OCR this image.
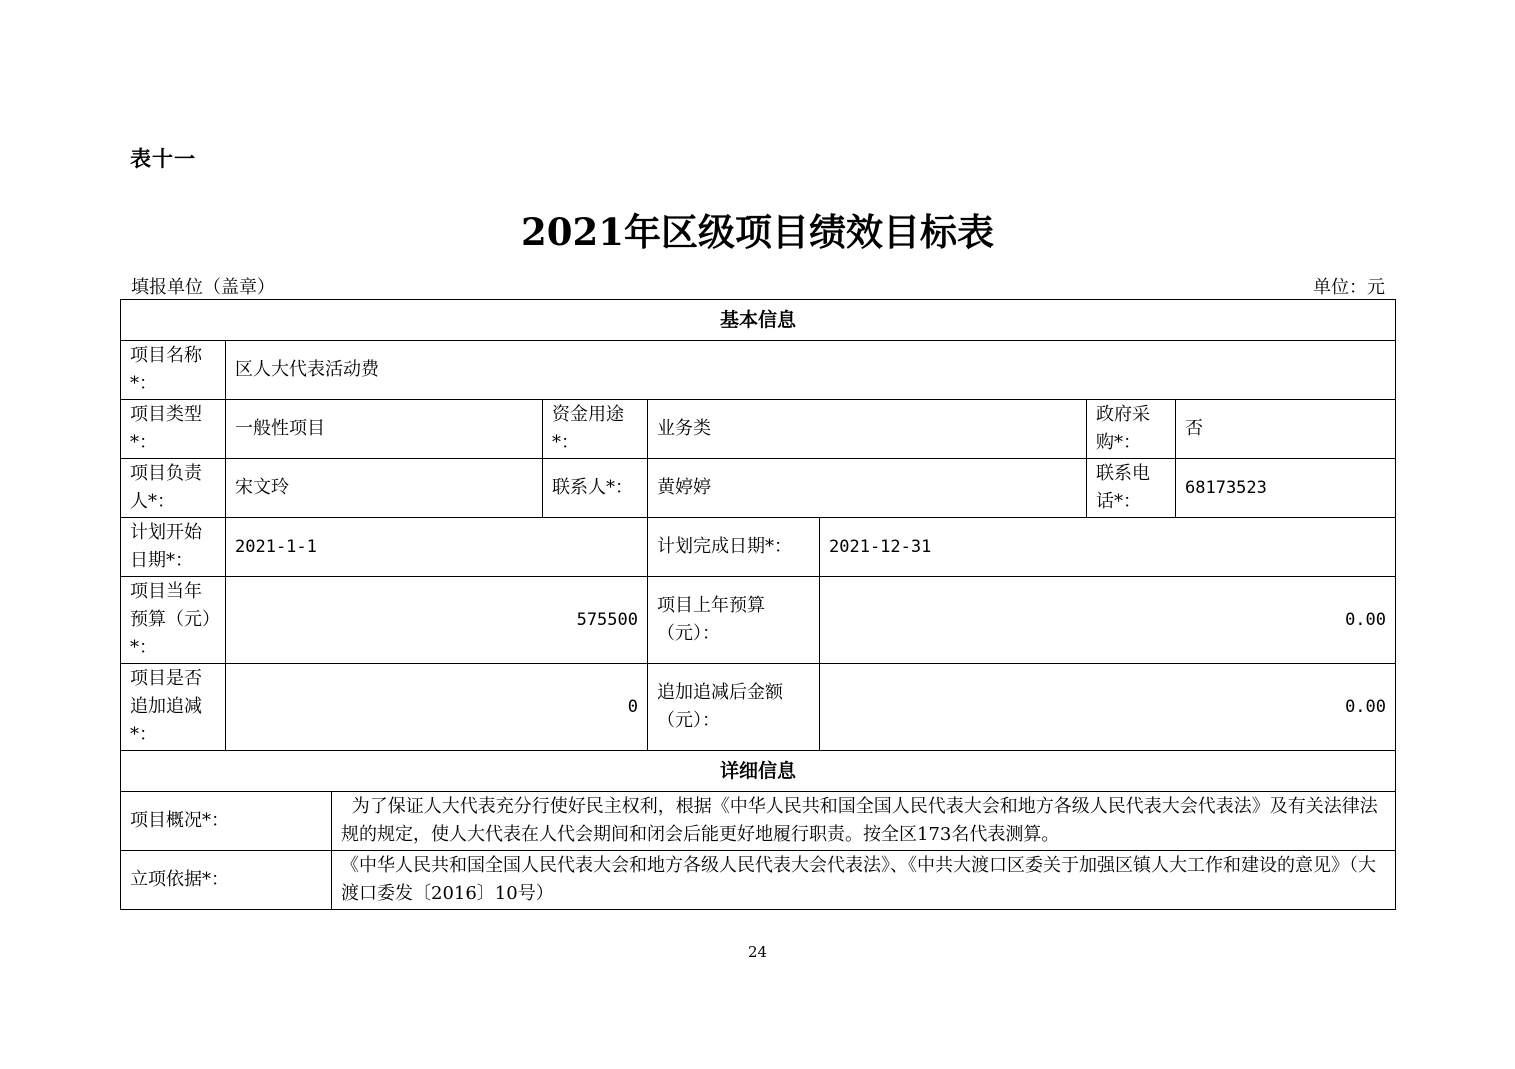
表十一
2021年区级项目绩效目标表
填报单位（盖章）	单位：元
基本信息							
项目名称*：	区人大代表活动费						
项目类型*：	一般性项目		资金用途*：	业务类		政府采购*：	否
项目负责人*：	宋文玲		联系人*：	黄婷婷		联系电话*：	68173523
计划开始日期*：	2021-1-1			计划完成日期*：	2021-12-31		
项目当年预算（元）*：	575500			项目上年预算（元）：	0.00		
项目是否追加追减*：	0			追加追减后金额（元）：	0.00		
详细信息							
项目概况*：		为了保证人大代表充分行使好民主权利，根据《中华人民共和国全国人民代表大会和地方各级人民代表大会代表法》及有关法律法规的规定，使人大代表在人代会期间和闭会后能更好地履行职责。按全区173名代表测算。					
立项依据*：		《中华人民共和国全国人民代表大会和地方各级人民代表大会代表法》、《中共大渡口区委关于加强区镇人大工作和建设的意见》（大渡口委发〔2016〕10号）					
24
